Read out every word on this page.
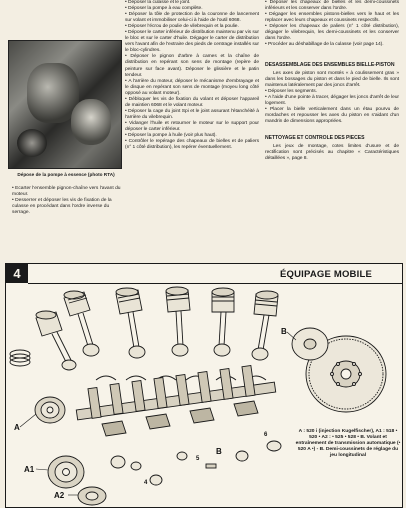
Dépose de la pompe à essence (photo RTA)

• Ecarter l'ensemble pignon-chaîne vers l'avant du moteur.

• Desserrer et déposer les vis de fixation de la culasse en procédant dans l'ordre inverse du serrage.

• Déposer la culasse et le joint.

• Déposer la pompe à eau complète.

• Déposer la tôle de protection de la couronne de lancement sur volant et immobiliser celui-ci à l'aide de l'outil 6068.

• Déposer l'écrou de poulie de vilebrequin et la poulie.

• Déposer le carter inférieur de distribution maintenu par vis sur le bloc et sur le carter d'huile. Dégager le carter de distribution vers l'avant afin de l'extraire des pieds de centrage installés sur le bloc-cylindres.

• Déposer le pignon d'arbre à cames et la chaîne de distribution en repérant son sens de montage (repère de peinture sur face avant). Déposer le glissière et le patin tendeur.

• A l'arrière du moteur, déposer le mécanisme d'embrayage et le disque en repérant son sens de montage (moyeu long côté opposé au volant moteur).

• Débloquer les vis de fixation du volant et déposer l'appareil de maintien 6068 et le volant moteur.

• Déposer la cage du joint Spi et le joint assurant l'étanchéité à l'arrière du vilebrequin.

• Vidanger l'huile et retourner le moteur sur le support pour déposer le carter inférieur.

• Déposer la pompe à huile (voir plus haut).

• Contrôler le repérage des chapeaux de bielles et de paliers (n° 1 côté distribution), les repérer éventuellement.

• Déposer les chapeaux de bielles et les demi-coussinets inférieurs et les conserver dans l'ordre.

• Dégager les ensembles pistons-bielles vers le haut et les replacer avec leurs chapeaux et coussinets respectifs.

• Déposer les chapeaux de paliers (n° 1 côté distribution), dégager le vilebrequin, les demi-coussinets et les conserver dans l'ordre.

• Procéder au déshabillage de la culasse (voir page 14).

DESASSEMBLAGE DES ENSEMBLES BIELLE-PISTON

Les axes de piston sont montés « à coulissement gras » dans les bossages du piston et dans le pied de bielle. Ils sont maintenus latéralement par des joncs d'arrêt.

• Déposer les segments.

• A l'aide d'une pointe à tracer, dégager les joncs d'arrêt de leur logement.

• Placer la bielle verticalement dans un étau pourvu de mordaches et repousser les axes du piston en s'aidant d'un mandrin de dimensions appropriées.

NETTOYAGE ET CONTROLE DES PIECES

Les jeux de montage, cotes limites d'usure et de rectification sont précisés au chapitre « Caractéristiques détaillées », page 8.

4	ÉQUIPAGE MOBILE
A
A1
A2
B
B
4
5
6
A : 520 i (injection Kugelfischer), A1 : 518 • 520 • A2 : • 525 • 528 • B. Volant et entraînement de transmission automatique (• 520 A •) - B. Demi-coussinets de réglage du jeu longitudinal
